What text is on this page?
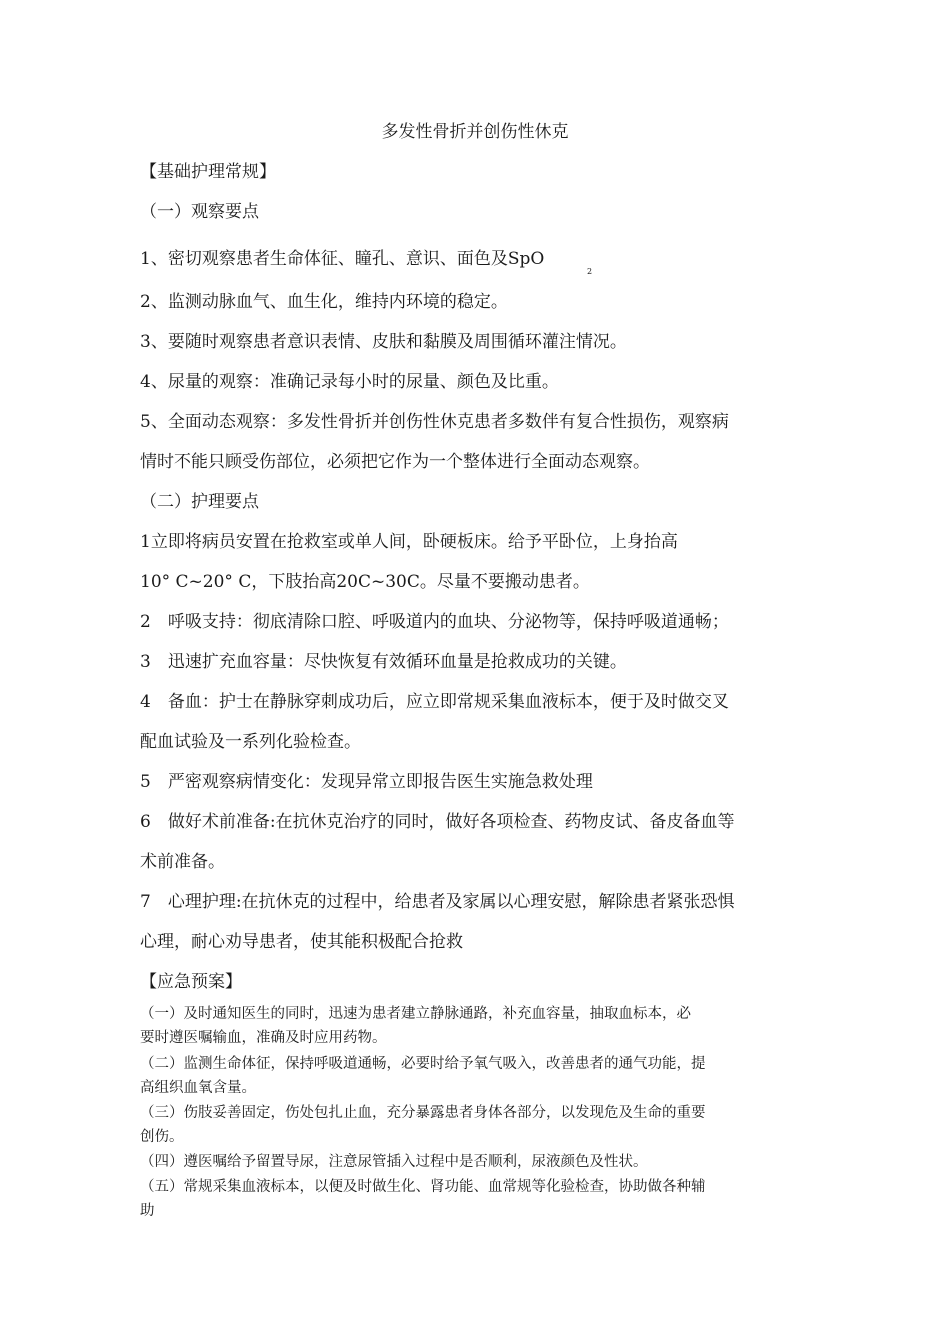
多发性骨折并创伤性休克
【基础护理常规】
（一）观察要点
1、密切观察患者生命体征、瞳孔、意识、面色及SpO
2
2、监测动脉血气、血生化，维持内环境的稳定。
3、要随时观察患者意识表情、皮肤和黏膜及周围循环灌注情况。
4、尿量的观察：准确记录每小时的尿量、颜色及比重。
5、全面动态观察：多发性骨折并创伤性休克患者多数伴有复合性损伤，观察病
情时不能只顾受伤部位，必须把它作为一个整体进行全面动态观察。
（二）护理要点
1立即将病员安置在抢救室或单人间，卧硬板床。给予平卧位，上身抬高
10° C~20° C，下肢抬高20C~30C。尽量不要搬动患者。
2　呼吸支持：彻底清除口腔、呼吸道内的血块、分泌物等，保持呼吸道通畅；
3　迅速扩充血容量：尽快恢复有效循环血量是抢救成功的关键。
4　备血：护士在静脉穿刺成功后，应立即常规采集血液标本，便于及时做交叉
配血试验及一系列化验检查。
5　严密观察病情变化：发现异常立即报告医生实施急救处理
6　做好术前准备:在抗休克治疗的同时，做好各项检查、药物皮试、备皮备血等
术前准备。
7　心理护理:在抗休克的过程中，给患者及家属以心理安慰，解除患者紧张恐惧
心理，耐心劝导患者，使其能积极配合抢救
【应急预案】
（一）及时通知医生的同时，迅速为患者建立静脉通路，补充血容量，抽取血标本，必
要时遵医嘱输血，准确及时应用药物。
（二）监测生命体征，保持呼吸道通畅，必要时给予氧气吸入，改善患者的通气功能，提
高组织血氧含量。
（三）伤肢妥善固定，伤处包扎止血，充分暴露患者身体各部分，以发现危及生命的重要
创伤。
（四）遵医嘱给予留置导尿，注意尿管插入过程中是否顺利，尿液颜色及性状。
（五）常规采集血液标本，以便及时做生化、肾功能、血常规等化验检查，协助做各种辅
助
